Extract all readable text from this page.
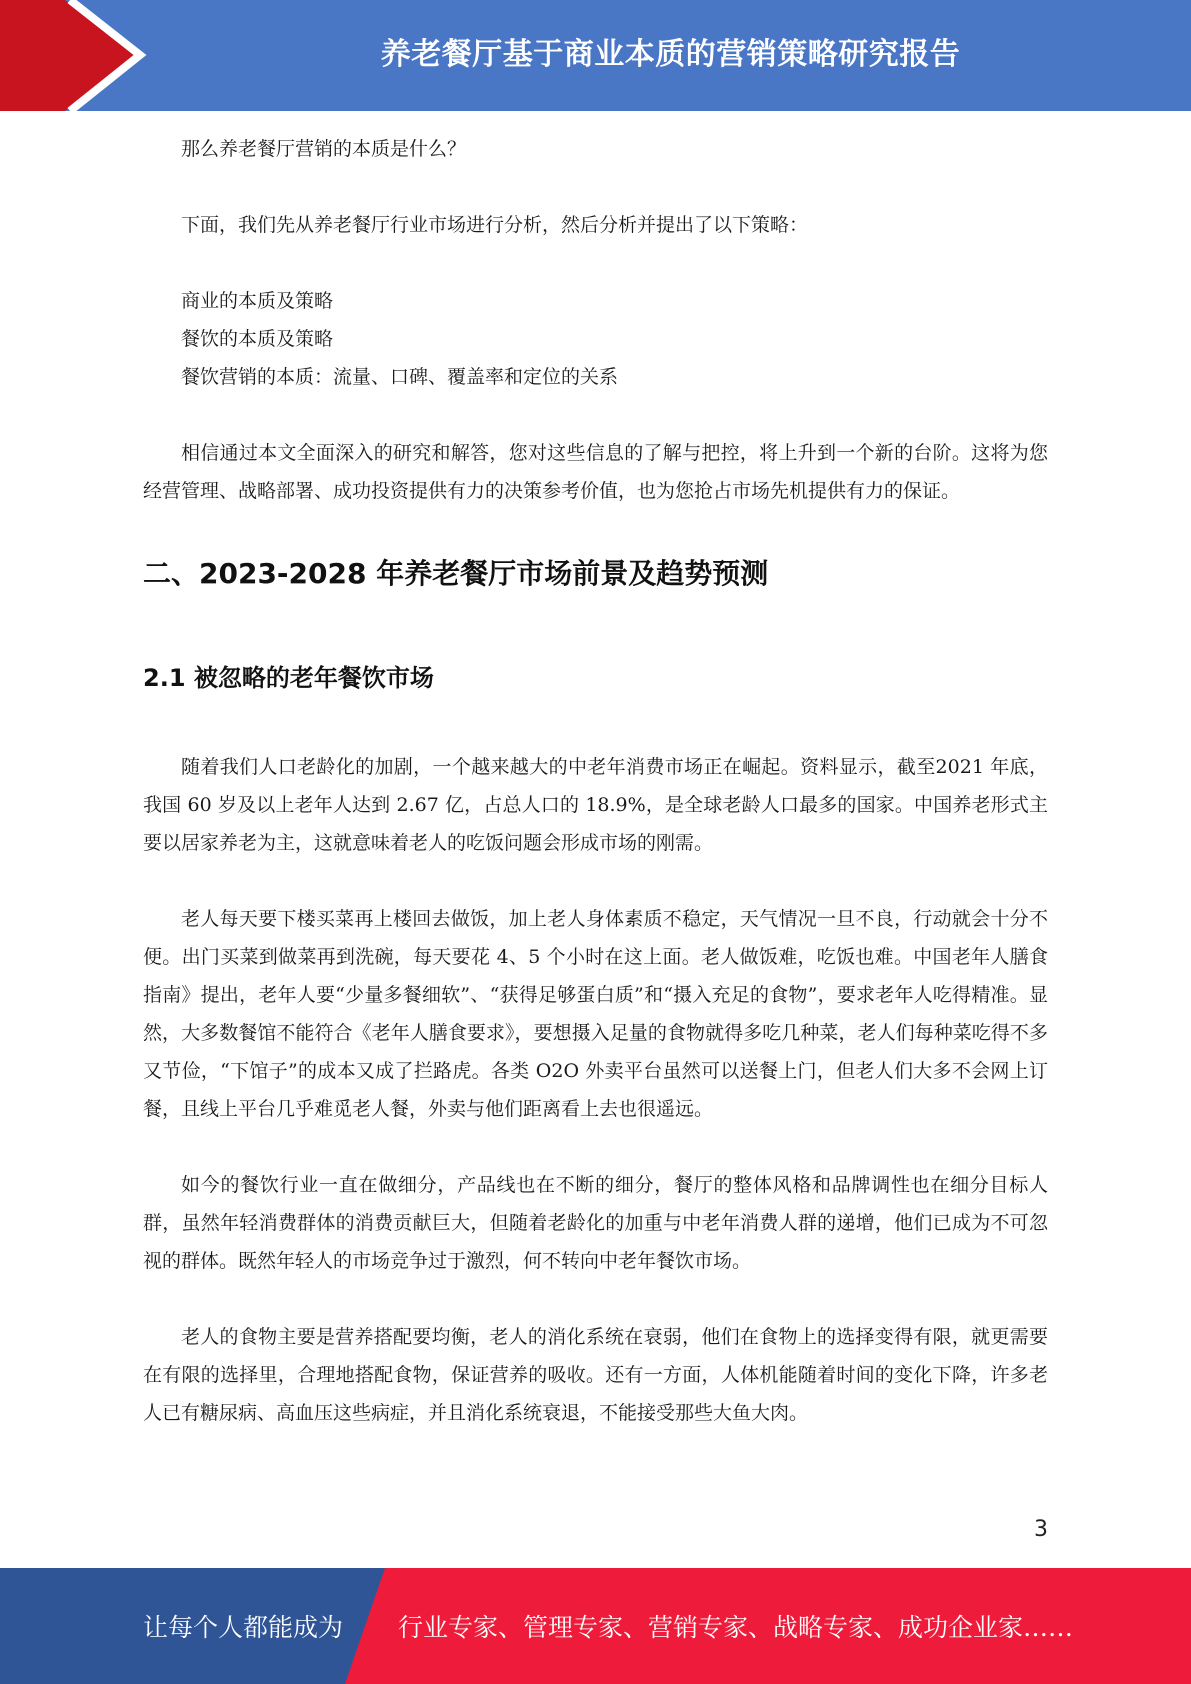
养老餐厅基于商业本质的营销策略研究报告

那么养老餐厅营销的本质是什么？

下面，我们先从养老餐厅行业市场进行分析，然后分析并提出了以下策略：

商业的本质及策略

餐饮的本质及策略

餐饮营销的本质：流量、口碑、覆盖率和定位的关系

相信通过本文全面深入的研究和解答，您对这些信息的了解与把控，将上升到一个新的台阶。这将为您经营管理、战略部署、成功投资提供有力的决策参考价值，也为您抢占市场先机提供有力的保证。

二、2023-2028 年养老餐厅市场前景及趋势预测
2.1 被忽略的老年餐饮市场

随着我们人口老龄化的加剧，一个越来越大的中老年消费市场正在崛起。资料显示，截至2021 年底，我国 60 岁及以上老年人达到 2.67 亿，占总人口的 18.9%，是全球老龄人口最多的国家。中国养老形式主要以居家养老为主，这就意味着老人的吃饭问题会形成市场的刚需。

老人每天要下楼买菜再上楼回去做饭，加上老人身体素质不稳定，天气情况一旦不良，行动就会十分不便。出门买菜到做菜再到洗碗，每天要花 4、5 个小时在这上面。老人做饭难，吃饭也难。中国老年人膳食指南》提出，老年人要“少量多餐细软”、“获得足够蛋白质”和“摄入充足的食物”，要求老年人吃得精准。显然，大多数餐馆不能符合《老年人膳食要求》，要想摄入足量的食物就得多吃几种菜，老人们每种菜吃得不多又节俭，“下馆子”的成本又成了拦路虎。各类 O2O 外卖平台虽然可以送餐上门，但老人们大多不会网上订餐，且线上平台几乎难觅老人餐，外卖与他们距离看上去也很遥远。

如今的餐饮行业一直在做细分，产品线也在不断的细分，餐厅的整体风格和品牌调性也在细分目标人群，虽然年轻消费群体的消费贡献巨大，但随着老龄化的加重与中老年消费人群的递增，他们已成为不可忽视的群体。既然年轻人的市场竞争过于激烈，何不转向中老年餐饮市场。

老人的食物主要是营养搭配要均衡，老人的消化系统在衰弱，他们在食物上的选择变得有限，就更需要在有限的选择里，合理地搭配食物，保证营养的吸收。还有一方面，人体机能随着时间的变化下降，许多老人已有糖尿病、高血压这些病症，并且消化系统衰退，不能接受那些大鱼大肉。

3
让每个人都能成为 行业专家、管理专家、营销专家、战略专家、成功企业家……
